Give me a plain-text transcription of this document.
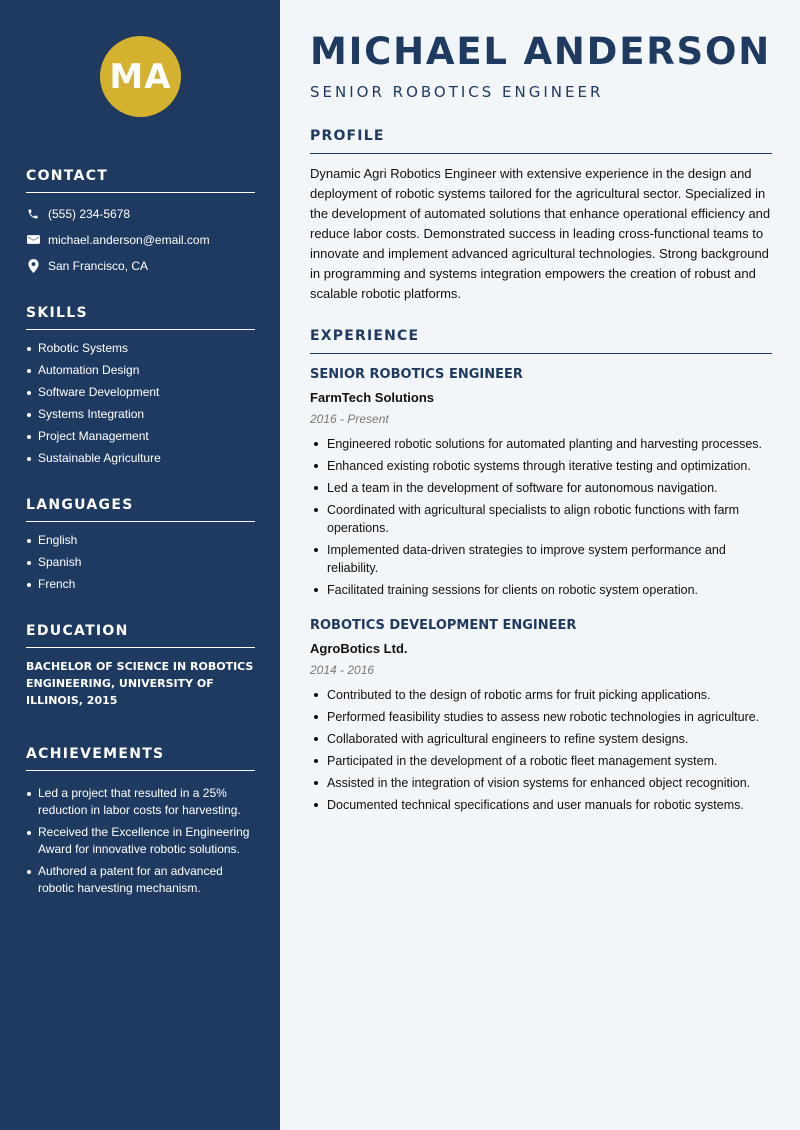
MA
CONTACT
(555) 234-5678
michael.anderson@email.com
San Francisco, CA
SKILLS
Robotic Systems
Automation Design
Software Development
Systems Integration
Project Management
Sustainable Agriculture
LANGUAGES
English
Spanish
French
EDUCATION

BACHELOR OF SCIENCE IN ROBOTICS ENGINEERING, UNIVERSITY OF ILLINOIS, 2015

ACHIEVEMENTS
Led a project that resulted in a 25% reduction in labor costs for harvesting.
Received the Excellence in Engineering Award for innovative robotic solutions.
Authored a patent for an advanced robotic harvesting mechanism.
MICHAEL ANDERSON
SENIOR ROBOTICS ENGINEER
PROFILE

Dynamic Agri Robotics Engineer with extensive experience in the design and deployment of robotic systems tailored for the agricultural sector. Specialized in the development of automated solutions that enhance operational efficiency and reduce labor costs. Demonstrated success in leading cross-functional teams to innovate and implement advanced agricultural technologies. Strong background in programming and systems integration empowers the creation of robust and scalable robotic platforms.

EXPERIENCE
SENIOR ROBOTICS ENGINEER
FarmTech Solutions
2016 - Present
Engineered robotic solutions for automated planting and harvesting processes.
Enhanced existing robotic systems through iterative testing and optimization.
Led a team in the development of software for autonomous navigation.
Coordinated with agricultural specialists to align robotic functions with farm operations.
Implemented data-driven strategies to improve system performance and reliability.
Facilitated training sessions for clients on robotic system operation.
ROBOTICS DEVELOPMENT ENGINEER
AgroBotics Ltd.
2014 - 2016
Contributed to the design of robotic arms for fruit picking applications.
Performed feasibility studies to assess new robotic technologies in agriculture.
Collaborated with agricultural engineers to refine system designs.
Participated in the development of a robotic fleet management system.
Assisted in the integration of vision systems for enhanced object recognition.
Documented technical specifications and user manuals for robotic systems.
